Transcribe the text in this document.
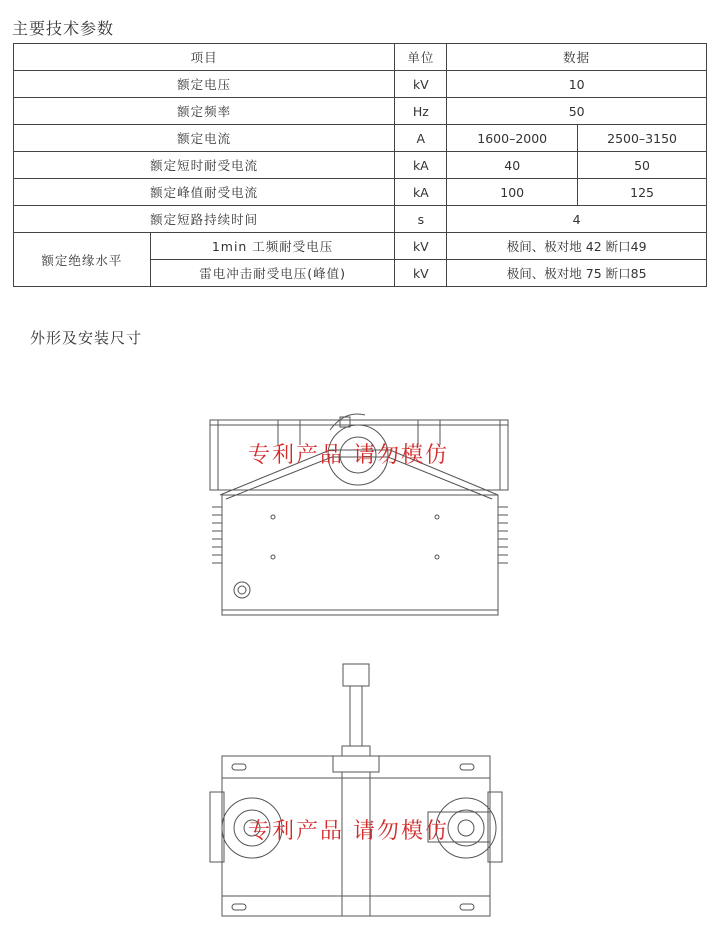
主要技术参数
项目		单位	数据	
额定电压		kV	10	
额定频率		Hz	50	
额定电流		A	1600–2000	2500–3150
额定短时耐受电流		kA	40	50
额定峰值耐受电流		kA	100	125
额定短路持续时间		s	4	
额定绝缘水平	1min 工频耐受电压	kV	极间、极对地 42 断口49	
	雷电冲击耐受电压(峰值)	kV	极间、极对地 75 断口85	
外形及安装尺寸
专利产品 请勿模仿
专利产品 请勿模仿
